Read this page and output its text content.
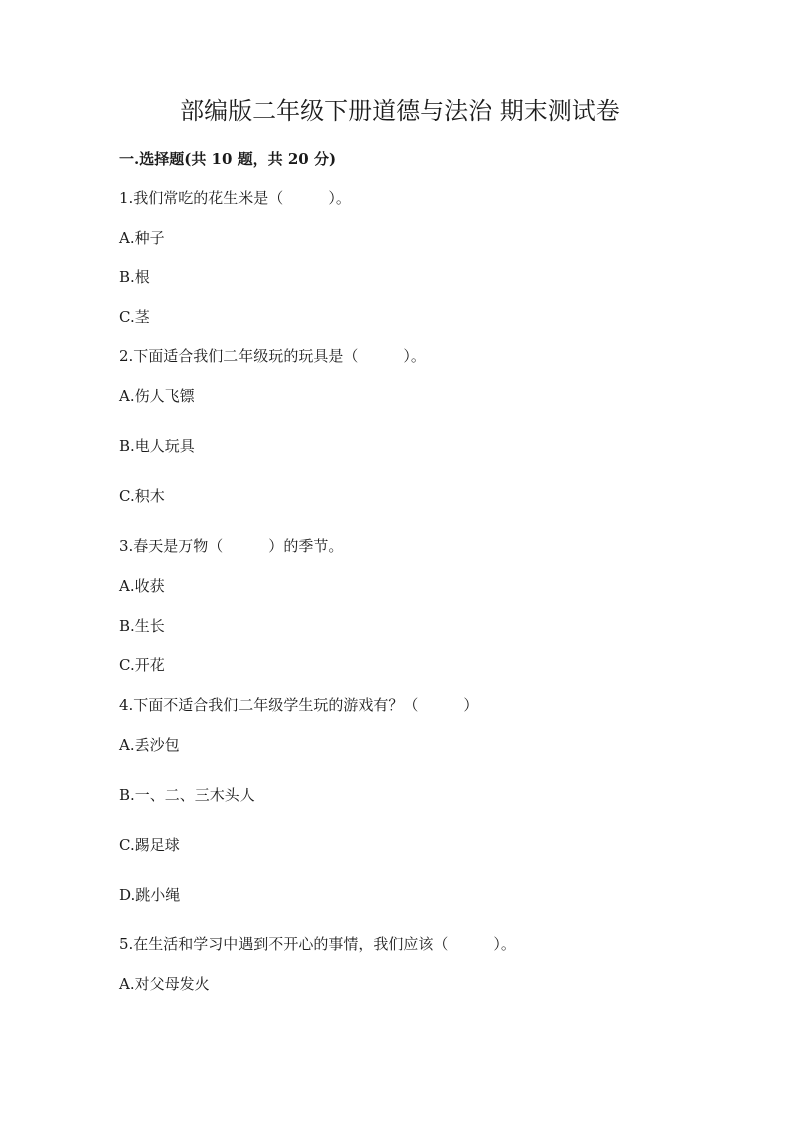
部编版二年级下册道德与法治 期末测试卷
一.选择题(共 10 题，共 20 分)
1.我们常吃的花生米是（　　　）。
A.种子
B.根
C.茎
2.下面适合我们二年级玩的玩具是（　　　）。
A.伤人飞镖
B.电人玩具
C.积木
3.春天是万物（　　　）的季节。
A.收获
B.生长
C.开花
4.下面不适合我们二年级学生玩的游戏有？（　　　）
A.丢沙包
B.一、二、三木头人
C.踢足球
D.跳小绳
5.在生活和学习中遇到不开心的事情，我们应该（　　　）。
A.对父母发火
